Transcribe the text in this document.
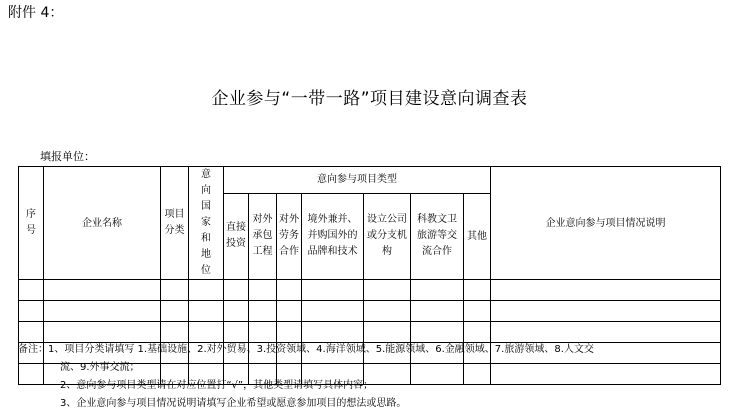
附件 4：
企业参与“一带一路”项目建设意向调查表
填报单位：
序号	企业名称	项目分类	意向国家和地位	意向参与项目类型							企业意向参与项目情况说明
				直接投资	对外承包工程	对外劳务合作	境外兼并、并购国外的品牌和技术	设立公司或分支机构	科教文卫旅游等交流合作	其他	

备注：1、项目分类请填写 1.基础设施、2.对外贸易、3.投资领域、4.海洋领域、5.能源领域、6.金融领域、7.旅游领域、8.人文交
流、9.外事交流；
2、意向参与项目类型请在对应位置打“√”，其他类型请填写具体内容；
3、企业意向参与项目情况说明请填写企业希望或愿意参加项目的想法或思路。
